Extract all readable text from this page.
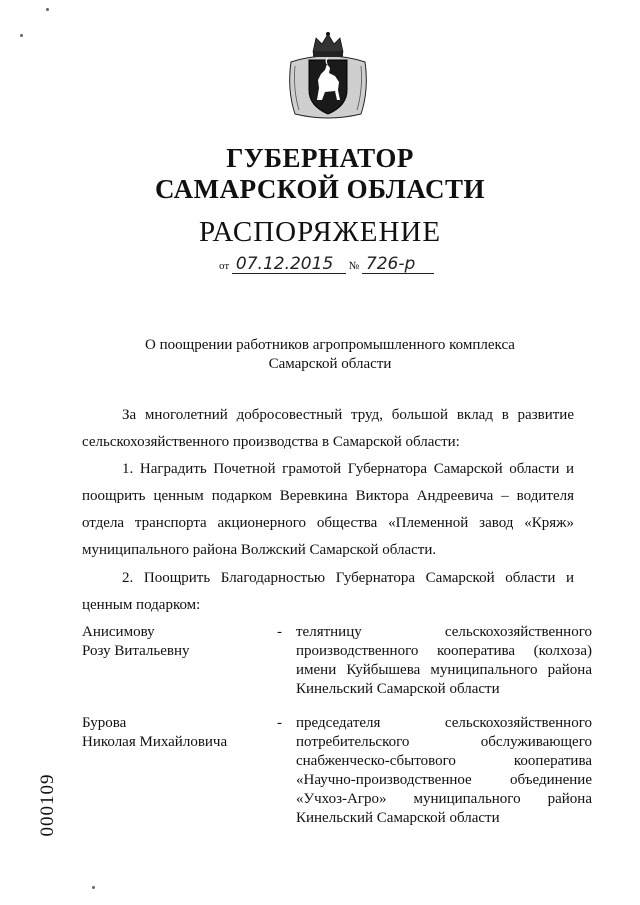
ГУБЕРНАТОР
САМАРСКОЙ ОБЛАСТИ
РАСПОРЯЖЕНИЕ
от 07.12.2015 № 726-р
О поощрении работников агропромышленного комплекса
Самарской области
За многолетний добросовестный труд, большой вклад в развитие сельскохозяйственного производства в Самарской области:
1. Наградить Почетной грамотой Губернатора Самарской области и поощрить ценным подарком Веревкина Виктора Андреевича – водителя отдела транспорта акционерного общества «Племенной завод «Кряж» муниципального района Волжский Самарской области.
2. Поощрить Благодарностью Губернатора Самарской области и ценным подарком:
Анисимову
Розу Витальевну
- телятницу сельскохозяйственного производственного кооператива (колхоза) имени Куйбышева муниципального района Кинельский Самарской области
Бурова
Николая Михайловича
- председателя сельскохозяйственного потребительского обслуживающего снабженческо-сбытового кооператива «Научно-производственное объединение «Учхоз-Агро» муниципального района Кинельский Самарской области
000109
